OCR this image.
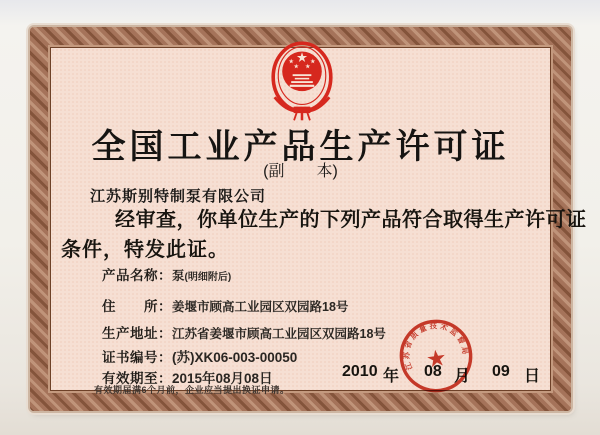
全国工业产品生产许可证
(副　　本)
江苏斯别特制泵有限公司
经审查，你单位生产的下列产品符合取得生产许可证
条件，特发此证。
产品名称： 泵 (明细附后)
住　　所： 姜堰市顾高工业园区双园路18号
生产地址： 江苏省姜堰市顾高工业园区双园路18号
证书编号： (苏)XK06-003-00050
有效期至： 2015年08月08日	2010 年 08 月 09 日
有效期届满6个月前，企业应当提出换证申请。
江苏省质量技术监督局
